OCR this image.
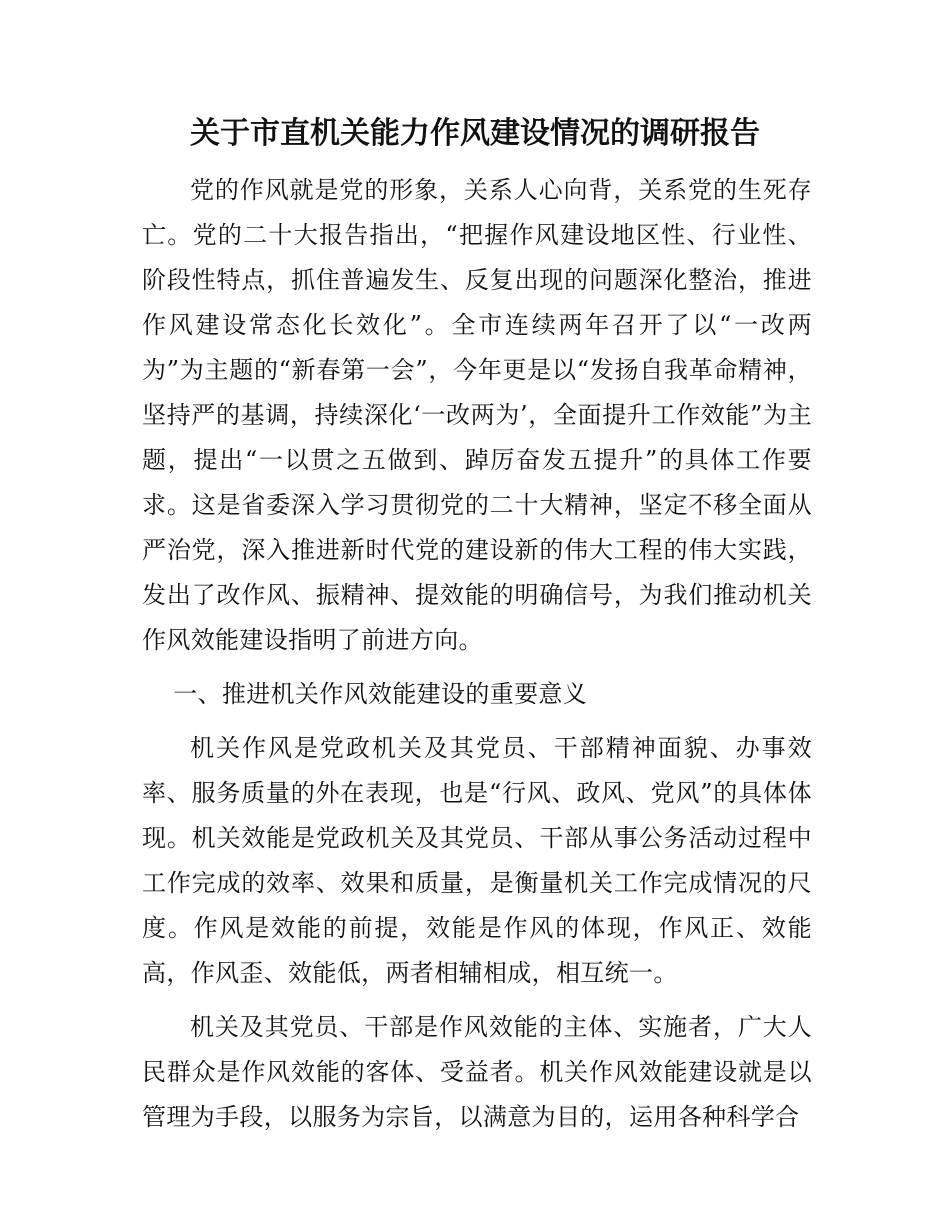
关于市直机关能力作风建设情况的调研报告

党的作风就是党的形象，关系人心向背，关系党的生死存亡。党的二十大报告指出，“把握作风建设地区性、行业性、阶段性特点，抓住普遍发生、反复出现的问题深化整治，推进作风建设常态化长效化”。全市连续两年召开了以“一改两为”为主题的“新春第一会”，今年更是以“发扬自我革命精神，坚持严的基调，持续深化‘一改两为’，全面提升工作效能”为主题，提出“一以贯之五做到、踔厉奋发五提升”的具体工作要求。这是省委深入学习贯彻党的二十大精神，坚定不移全面从严治党，深入推进新时代党的建设新的伟大工程的伟大实践，发出了改作风、振精神、提效能的明确信号，为我们推动机关作风效能建设指明了前进方向。

一、推进机关作风效能建设的重要意义

机关作风是党政机关及其党员、干部精神面貌、办事效率、服务质量的外在表现，也是“行风、政风、党风”的具体体现。机关效能是党政机关及其党员、干部从事公务活动过程中工作完成的效率、效果和质量，是衡量机关工作完成情况的尺度。作风是效能的前提，效能是作风的体现，作风正、效能高，作风歪、效能低，两者相辅相成，相互统一。

机关及其党员、干部是作风效能的主体、实施者，广大人民群众是作风效能的客体、受益者。机关作风效能建设就是以管理为手段，以服务为宗旨，以满意为目的，运用各种科学合
